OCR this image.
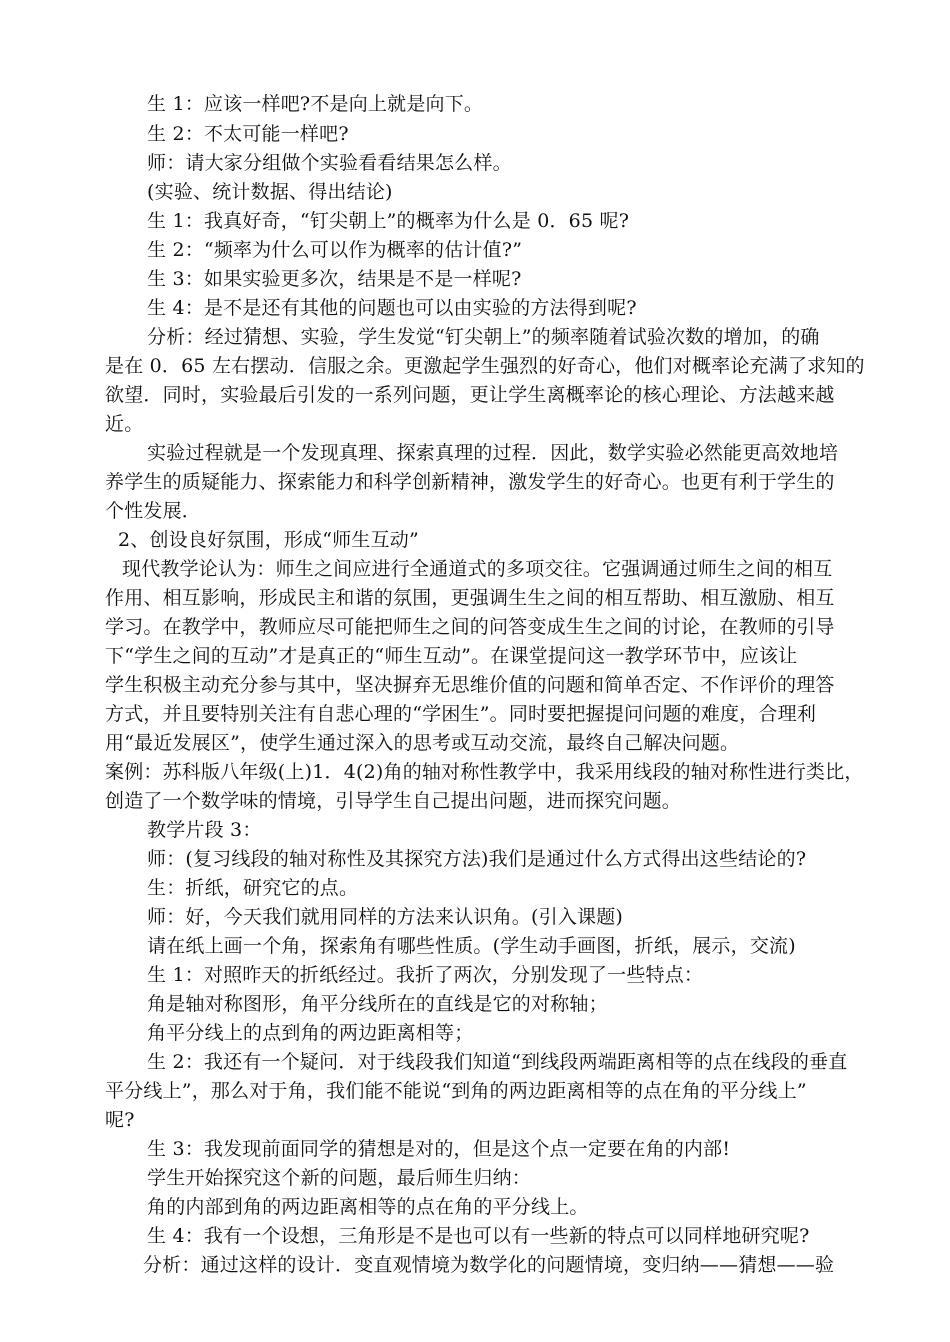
生 1：应该一样吧?不是向上就是向下。
生 2：不太可能一样吧?
师：请大家分组做个实验看看结果怎么样。
(实验、统计数据、得出结论)
生 1：我真好奇，“钉尖朝上”的概率为什么是 0．65 呢?
生 2：“频率为什么可以作为概率的估计值?”
生 3：如果实验更多次，结果是不是一样呢?
生 4：是不是还有其他的问题也可以由实验的方法得到呢?
分析：经过猜想、实验，学生发觉“钉尖朝上”的频率随着试验次数的增加，的确
是在 0．65 左右摆动．信服之余。更激起学生强烈的好奇心，他们对概率论充满了求知的
欲望．同时，实验最后引发的一系列问题，更让学生离概率论的核心理论、方法越来越
近。
实验过程就是一个发现真理、探索真理的过程．因此，数学实验必然能更高效地培
养学生的质疑能力、探索能力和科学创新精神，激发学生的好奇心。也更有利于学生的
个性发展．
2、创设良好氛围，形成“师生互动”
现代教学论认为：师生之间应进行全通道式的多项交往。它强调通过师生之间的相互
作用、相互影响，形成民主和谐的氛围，更强调生生之间的相互帮助、相互激励、相互
学习。在教学中，教师应尽可能把师生之间的问答变成生生之间的讨论，在教师的引导
下“学生之间的互动”才是真正的“师生互动”。在课堂提问这一教学环节中，应该让
学生积极主动充分参与其中，坚决摒弃无思维价值的问题和简单否定、不作评价的理答
方式，并且要特别关注有自悲心理的“学困生”。同时要把握提问问题的难度，合理利
用“最近发展区”，使学生通过深入的思考或互动交流，最终自己解决问题。
案例：苏科版八年级(上)1．4(2)角的轴对称性教学中，我采用线段的轴对称性进行类比，
创造了一个数学味的情境，引导学生自己提出问题，进而探究问题。
教学片段 3：
师：(复习线段的轴对称性及其探究方法)我们是通过什么方式得出这些结论的?
生：折纸，研究它的点。
师：好，今天我们就用同样的方法来认识角。(引入课题)
请在纸上画一个角，探索角有哪些性质。(学生动手画图，折纸，展示，交流)
生 1：对照昨天的折纸经过。我折了两次，分别发现了一些特点：
角是轴对称图形，角平分线所在的直线是它的对称轴；
角平分线上的点到角的两边距离相等；
生 2：我还有一个疑问．对于线段我们知道“到线段两端距离相等的点在线段的垂直
平分线上”，那么对于角，我们能不能说“到角的两边距离相等的点在角的平分线上”
呢?
生 3：我发现前面同学的猜想是对的，但是这个点一定要在角的内部!
学生开始探究这个新的问题，最后师生归纳：
角的内部到角的两边距离相等的点在角的平分线上。
生 4：我有一个设想，三角形是不是也可以有一些新的特点可以同样地研究呢?
分析：通过这样的设计．变直观情境为数学化的问题情境，变归纳——猜想——验
